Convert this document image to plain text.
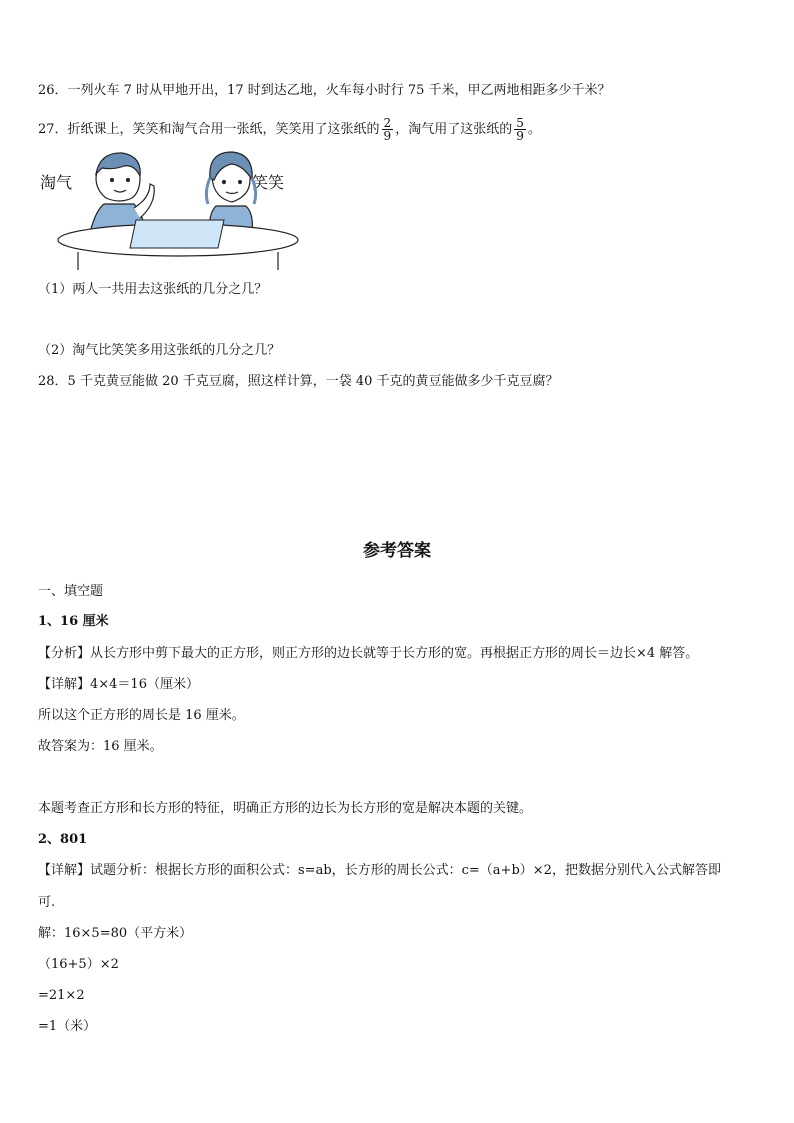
26．一列火车 7 时从甲地开出，17 时到达乙地，火车每小时行 75 千米，甲乙两地相距多少千米？
27．折纸课上，笑笑和淘气合用一张纸，笑笑用了这张纸的 $\frac{2}{9}$ ，淘气用了这张纸的 $\frac{5}{9}$ 。
淘气	笑笑
（1）两人一共用去这张纸的几分之几？
（2）淘气比笑笑多用这张纸的几分之几？
28．5 千克黄豆能做 20 千克豆腐，照这样计算，一袋 40 千克的黄豆能做多少千克豆腐？
参考答案
一、填空题
1、16 厘米
【分析】从长方形中剪下最大的正方形，则正方形的边长就等于长方形的宽。再根据正方形的周长＝边长×4 解答。
【详解】4×4＝16（厘米）
所以这个正方形的周长是 16 厘米。
故答案为：16 厘米。
本题考查正方形和长方形的特征，明确正方形的边长为长方形的宽是解决本题的关键。
2、801
【详解】试题分析：根据长方形的面积公式：s=ab，长方形的周长公式：c=（a+b）×2，把数据分别代入公式解答即
可.
解：16×5=80（平方米）
（16+5）×2
=21×2
=1（米）
